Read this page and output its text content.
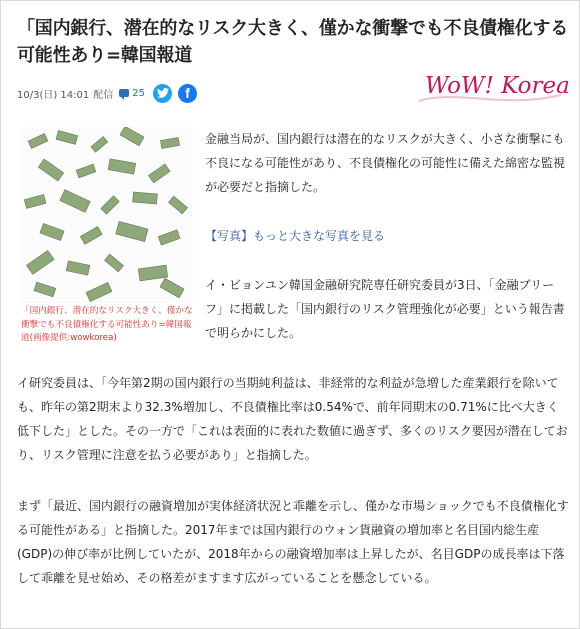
「国内銀行、潜在的なリスク大きく、僅かな衝撃でも不良債権化する可能性あり=韓国報道
10/3(日) 14:01 配信 25	f	WoW! Korea
「国内銀行、潜在的なリスク大きく、僅かな衝撃でも不良債権化する可能性あり=韓国報道(画像提供:wowkorea)
金融当局が、国内銀行は潜在的なリスクが大きく、小さな衝撃にも不良になる可能性があり、不良債権化の可能性に備えた綿密な監視が必要だと指摘した。
【写真】もっと大きな写真を見る
イ・ビョンユン韓国金融研究院専任研究委員が3日、「金融ブリーフ」に掲載した「国内銀行のリスク管理強化が必要」という報告書で明らかにした。
イ研究委員は、「今年第2期の国内銀行の当期純利益は、非経常的な利益が急増した産業銀行を除いても、昨年の第2期末より32.3%増加し、不良債権比率は0.54%で、前年同期末の0.71%に比べ大きく低下した」とした。その一方で「これは表面的に表れた数値に過ぎず、多くのリスク要因が潜在しており、リスク管理に注意を払う必要があり」と指摘した。
まず「最近、国内銀行の融資増加が実体経済状況と乖離を示し、僅かな市場ショックでも不良債権化する可能性がある」と指摘した。2017年までは国内銀行のウォン貨融資の増加率と名目国内総生産(GDP)の伸び率が比例していたが、2018年からの融資増加率は上昇したが、名目GDPの成長率は下落して乖離を見せ始め、その格差がますます広がっていることを懸念している。
